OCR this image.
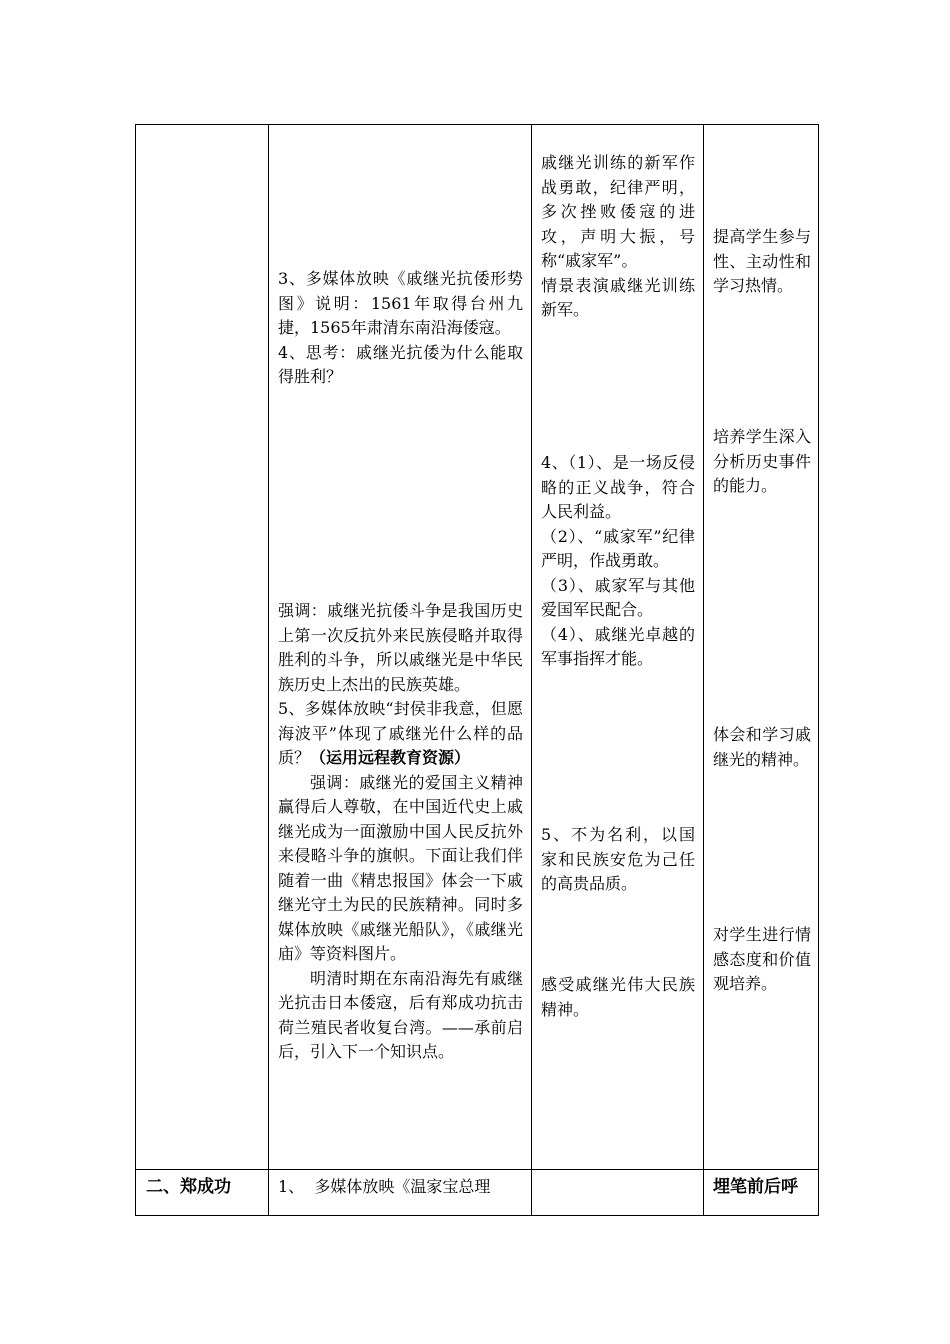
3、多媒体放映《戚继光抗倭形势图》说明：1561年取得台州九捷，1565年肃清东南沿海倭寇。

4、思考：戚继光抗倭为什么能取得胜利？

强调：戚继光抗倭斗争是我国历史上第一次反抗外来民族侵略并取得胜利的斗争，所以戚继光是中华民族历史上杰出的民族英雄。

5、多媒体放映“封侯非我意，但愿海波平”体现了戚继光什么样的品质？（运用远程教育资源）

强调：戚继光的爱国主义精神赢得后人尊敬，在中国近代史上戚继光成为一面激励中国人民反抗外来侵略斗争的旗帜。下面让我们伴随着一曲《精忠报国》体会一下戚继光守土为民的民族精神。同时多媒体放映《戚继光船队》，《戚继光庙》等资料图片。

明清时期在东南沿海先有戚继光抗击日本倭寇，后有郑成功抗击荷兰殖民者收复台湾。——承前启后，引入下一个知识点。

戚继光训练的新军作战勇敢，纪律严明，多次挫败倭寇的进攻，声明大振，号称“戚家军”。

情景表演戚继光训练新军。

4、（1）、是一场反侵略的正义战争，符合人民利益。

（2）、“戚家军”纪律严明，作战勇敢。

（3）、戚家军与其他爱国军民配合。

（4）、戚继光卓越的军事指挥才能。

5、不为名利，以国家和民族安危为己任的高贵品质。

感受戚继光伟大民族精神。

提高学生参与性、主动性和学习热情。

培养学生深入分析历史事件的能力。

体会和学习戚继光的精神。

对学生进行情感态度和价值观培养。

二、郑成功	1、  多媒体放映《温家宝总理	埋笔前后呼
